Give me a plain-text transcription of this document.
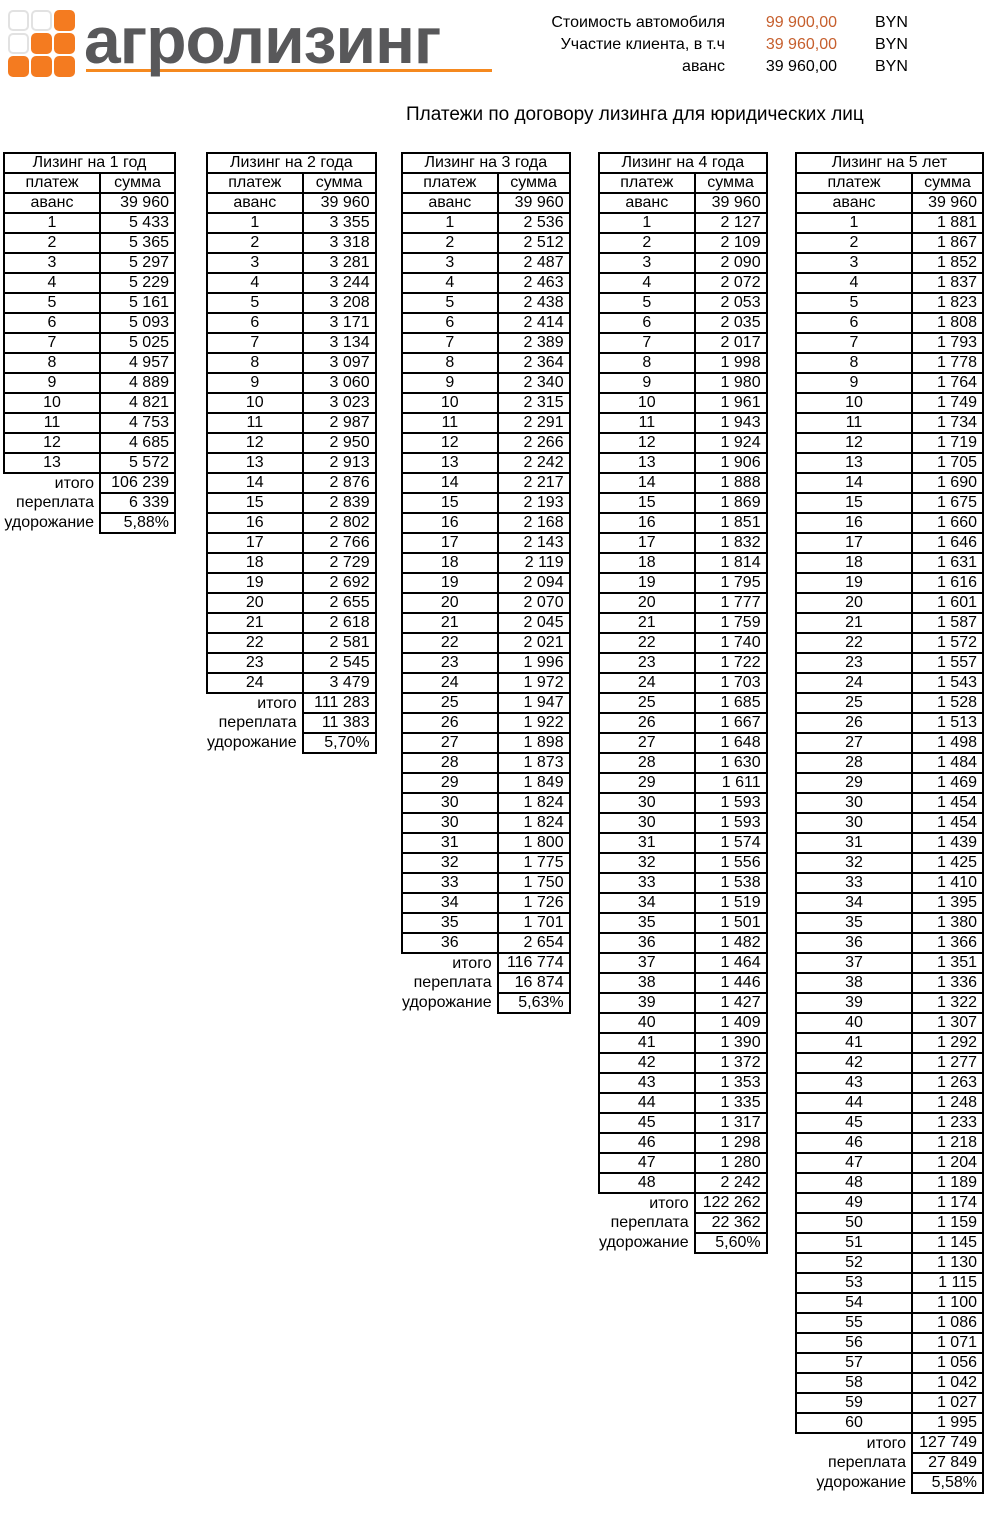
агролизинг	Стоимость автомобиля	99 900,00	BYN
Участие клиента, в т.ч	39 960,00	BYN
аванс	39 960,00	BYN
Платежи по договору лизинга для юридических лиц
Лизинг на 1 год	
платеж	сумма
аванс	39 960
1	5 433
2	5 365
3	5 297
4	5 229
5	5 161
6	5 093
7	5 025
8	4 957
9	4 889
10	4 821
11	4 753
12	4 685
13	5 572
итого	106 239
переплата	6 339
удорожание	5,88%
Лизинг на 2 года	
платеж	сумма
аванс	39 960
1	3 355
2	3 318
3	3 281
4	3 244
5	3 208
6	3 171
7	3 134
8	3 097
9	3 060
10	3 023
11	2 987
12	2 950
13	2 913
14	2 876
15	2 839
16	2 802
17	2 766
18	2 729
19	2 692
20	2 655
21	2 618
22	2 581
23	2 545
24	3 479
итого	111 283
переплата	11 383
удорожание	5,70%
Лизинг на 3 года	
платеж	сумма
аванс	39 960
1	2 536
2	2 512
3	2 487
4	2 463
5	2 438
6	2 414
7	2 389
8	2 364
9	2 340
10	2 315
11	2 291
12	2 266
13	2 242
14	2 217
15	2 193
16	2 168
17	2 143
18	2 119
19	2 094
20	2 070
21	2 045
22	2 021
23	1 996
24	1 972
25	1 947
26	1 922
27	1 898
28	1 873
29	1 849
30	1 824
30	1 824
31	1 800
32	1 775
33	1 750
34	1 726
35	1 701
36	2 654
итого	116 774
переплата	16 874
удорожание	5,63%
Лизинг на 4 года	
платеж	сумма
аванс	39 960
1	2 127
2	2 109
3	2 090
4	2 072
5	2 053
6	2 035
7	2 017
8	1 998
9	1 980
10	1 961
11	1 943
12	1 924
13	1 906
14	1 888
15	1 869
16	1 851
17	1 832
18	1 814
19	1 795
20	1 777
21	1 759
22	1 740
23	1 722
24	1 703
25	1 685
26	1 667
27	1 648
28	1 630
29	1 611
30	1 593
30	1 593
31	1 574
32	1 556
33	1 538
34	1 519
35	1 501
36	1 482
37	1 464
38	1 446
39	1 427
40	1 409
41	1 390
42	1 372
43	1 353
44	1 335
45	1 317
46	1 298
47	1 280
48	2 242
итого	122 262
переплата	22 362
удорожание	5,60%
Лизинг на 5 лет	
платеж	сумма
аванс	39 960
1	1 881
2	1 867
3	1 852
4	1 837
5	1 823
6	1 808
7	1 793
8	1 778
9	1 764
10	1 749
11	1 734
12	1 719
13	1 705
14	1 690
15	1 675
16	1 660
17	1 646
18	1 631
19	1 616
20	1 601
21	1 587
22	1 572
23	1 557
24	1 543
25	1 528
26	1 513
27	1 498
28	1 484
29	1 469
30	1 454
30	1 454
31	1 439
32	1 425
33	1 410
34	1 395
35	1 380
36	1 366
37	1 351
38	1 336
39	1 322
40	1 307
41	1 292
42	1 277
43	1 263
44	1 248
45	1 233
46	1 218
47	1 204
48	1 189
49	1 174
50	1 159
51	1 145
52	1 130
53	1 115
54	1 100
55	1 086
56	1 071
57	1 056
58	1 042
59	1 027
60	1 995
итого	127 749
переплата	27 849
удорожание	5,58%
